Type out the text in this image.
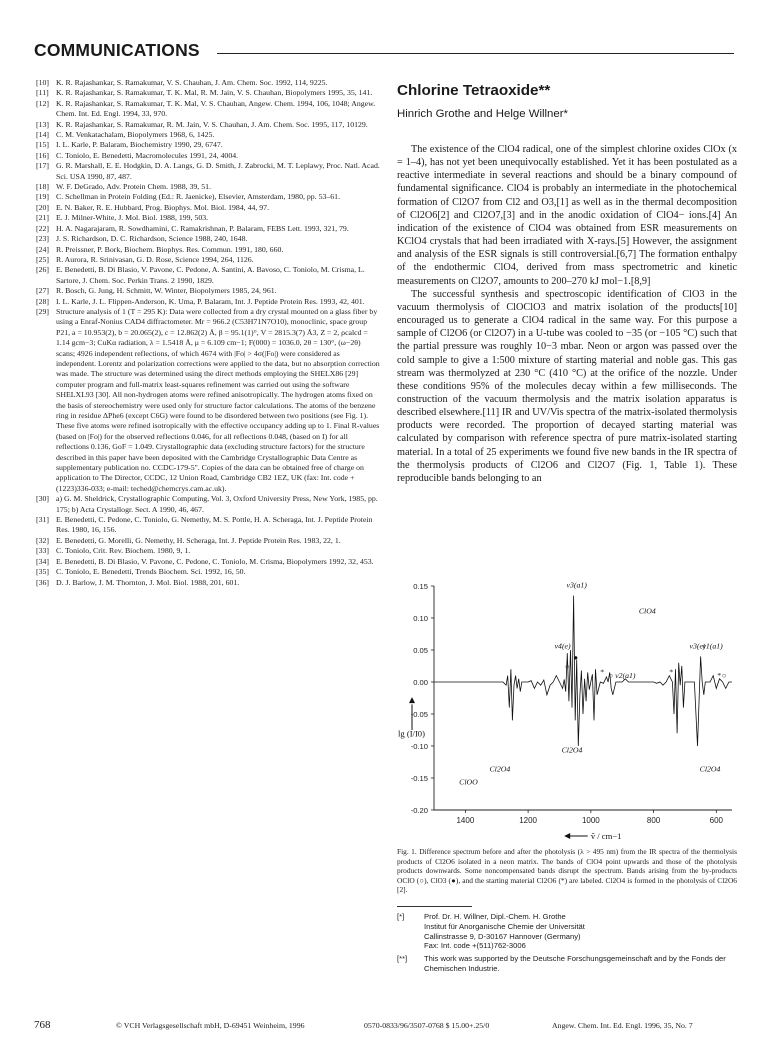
COMMUNICATIONS
[10] K. R. Rajashankar, S. Ramakumar, V. S. Chauhan, J. Am. Chem. Soc. 1992, 114, 9225.
[11] K. R. Rajashankar, S. Ramakumar, T. K. Mal, R. M. Jain, V. S. Chauhan, Biopolymers 1995, 35, 141.
[12] K. R. Rajashankar, S. Ramakumar, T. K. Mal, V. S. Chauhan, Angew. Chem. 1994, 106, 1048; Angew. Chem. Int. Ed. Engl. 1994, 33, 970.
[13] K. R. Rajashankar, S. Ramakumar, R. M. Jain, V. S. Chauhan, J. Am. Chem. Soc. 1995, 117, 10129.
[14] C. M. Venkatachalam, Biopolymers 1968, 6, 1425.
[15] I. L. Karle, P. Balaram, Biochemistry 1990, 29, 6747.
[16] C. Toniolo, E. Benedetti, Macromolecules 1991, 24, 4004.
[17] G. R. Marshall, E. E. Hodgkin, D. A. Langs, G. D. Smith, J. Zabrocki, M. T. Leplawy, Proc. Natl. Acad. Sci. USA 1990, 87, 487.
[18] W. F. DeGrado, Adv. Protein Chem. 1988, 39, 51.
[19] C. Schellman in Protein Folding (Ed.: R. Jaenicke), Elsevier, Amsterdam, 1980, pp. 53–61.
[20] E. N. Baker, R. E. Hubbard, Prog. Biophys. Mol. Biol. 1984, 44, 97.
[21] E. J. Milner-White, J. Mol. Biol. 1988, 199, 503.
[22] H. A. Nagarajaram, R. Sowdhamini, C. Ramakrishnan, P. Balaram, FEBS Lett. 1993, 321, 79.
[23] J. S. Richardson, D. C. Richardson, Science 1988, 240, 1648.
[24] R. Preissner, P. Bork, Biochem. Biophys. Res. Commun. 1991, 180, 660.
[25] R. Aurora, R. Srinivasan, G. D. Rose, Science 1994, 264, 1126.
[26] E. Benedetti, B. Di Blasio, V. Pavone, C. Pedone, A. Santini, A. Bavoso, C. Toniolo, M. Crisma, L. Sartore, J. Chem. Soc. Perkin Trans. 2 1990, 1829.
[27] R. Bosch, G. Jung, H. Schmitt, W. Winter, Biopolymers 1985, 24, 961.
[28] I. L. Karle, J. L. Flippen-Anderson, K. Uma, P. Balaram, Int. J. Peptide Protein Res. 1993, 42, 401.
[29] Structure analysis of 1 (T = 295 K): Data were collected from a dry crystal mounted on a glass fiber by using a Enraf-Nonius CAD4 diffractometer. Mr = 966.2 (C53H71N7O10), monoclinic, space group P21, a = 10.953(2), b = 20.065(2), c = 12.862(2) Å, β = 95.1(1)°, V = 2815.3(7) Å3, Z = 2, ρcalcd = 1.14 gcm−3; CuKα radiation, λ = 1.5418 Å, μ = 6.109 cm−1; F(000) = 1036.0, 2θ = 130°, (ω−2θ) scans; 4926 independent reflections, of which 4674 with |Fo| > 4σ(|Fo|) were considered as independent. Lorentz and polarization corrections were applied to the data, but no absorption correction was made. The structure was determined using the direct methods employing the SHELX86 [29] computer program and full-matrix least-squares refinement was carried out using the software SHELXL93 [30]. All non-hydrogen atoms were refined anisotropically. The hydrogen atoms fixed on the basis of stereochemistry were used only for structure factor calculations. The atoms of the benzene ring in residue ΔPhe6 (except C6G) were found to be disordered between two positions (see Fig. 1). These five atoms were refined isotropically with the effective occupancy adding up to 1. Final R-values (based on |Fo|) for the observed reflections 0.046, for all reflections 0.048, (based on I) for all reflections 0.136, GoF = 1.049. Crystallographic data (excluding structure factors) for the structure described in this paper have been deposited with the Cambridge Crystallographic Data Centre as supplementary publication no. CCDC-179-5". Copies of the data can be obtained free of charge on application to The Director, CCDC, 12 Union Road, Cambridge CB2 1EZ, UK (fax: Int. code +(1223)336-033; e-mail: teched@chemcrys.cam.ac.uk).
[30] a) G. M. Sheldrick, Crystallographic Computing, Vol. 3, Oxford University Press, New York, 1985, pp. 175; b) Acta Crystallogr. Sect. A 1990, 46, 467.
[31] E. Benedetti, C. Pedone, C. Toniolo, G. Nemethy, M. S. Pottle, H. A. Scheraga, Int. J. Peptide Protein Res. 1980, 16, 156.
[32] E. Benedetti, G. Morelli, G. Nemethy, H. Scheraga, Int. J. Peptide Protein Res. 1983, 22, 1.
[33] C. Toniolo, Crit. Rev. Biochem. 1980, 9, 1.
[34] E. Benedetti, B. Di Blasio, V. Pavone, C. Pedone, C. Toniolo, M. Crisma, Biopolymers 1992, 32, 453.
[35] C. Toniolo, E. Benedetti, Trends Biochem. Sci. 1992, 16, 50.
[36] D. J. Barlow, J. M. Thornton, J. Mol. Biol. 1988, 201, 601.
Chlorine Tetraoxide**
Hinrich Grothe and Helge Willner*

The existence of the ClO4 radical, one of the simplest chlorine oxides ClOx (x = 1–4), has not yet been unequivocally established. Yet it has been postulated as a reactive intermediate in several reactions and should be a binary compound of fundamental significance. ClO4 is probably an intermediate in the photochemical formation of Cl2O7 from Cl2 and O3,[1] as well as in the thermal decomposition of Cl2O6[2] and Cl2O7,[3] and in the anodic oxidation of ClO4− ions.[4] An indication of the existence of ClO4 was obtained from ESR measurements on KClO4 crystals that had been irradiated with X-rays.[5] However, the assignment and analysis of the ESR signals is still controversial.[6,7] The formation enthalpy of the endothermic ClO4, derived from mass spectrometric and kinetic measurements on Cl2O7, amounts to 200–270 kJ mol−1.[8,9]

The successful synthesis and spectroscopic identification of ClO3 in the vacuum thermolysis of ClOClO3 and matrix isolation of the products[10] encouraged us to generate a ClO4 radical in the same way. For this purpose a sample of Cl2O6 (or Cl2O7) in a U-tube was cooled to −35 (or −105 °C) such that the partial pressure was roughly 10−3 mbar. Neon or argon was passed over the cold sample to give a 1:500 mixture of starting material and noble gas. This gas stream was thermolyzed at 230 °C (410 °C) at the orifice of the nozzle. Under these conditions 95% of the molecules decay within a few milliseconds. The construction of the vacuum thermolysis and the matrix isolation apparatus is described elsewhere.[11] IR and UV/Vis spectra of the matrix-isolated thermolysis products were recorded. The proportion of decayed starting material was calculated by comparison with reference spectra of pure matrix-isolated starting material. In a total of 25 experiments we found five new bands in the IR spectra of the thermolysis products of Cl2O6 and Cl2O7 (Fig. 1, Table 1). These reproducible bands belonging to an

0.15
0.10
0.05
0.00
-0.05
-0.10
-0.15
-0.20
1400	1200	1000	800	600
ν3(a1)
ClO4
ν4(e)	ν3(e)
ν1(a1)
●
○
* ○ ν2(a1)	*	* ○
Cl2O4
Cl2O4
Cl2O4
ClOO
lg (I/I0)
ṽ / cm−1
Fig. 1. Difference spectrum before and after the photolysis (λ > 495 nm) from the IR spectra of the thermolysis products of Cl2O6 isolated in a neon matrix. The bands of ClO4 point upwards and those of the photolysis products downwards. Some noncompensated bands disrupt the spectrum. Bands arising from the by-products OClO (○), ClO3 (●), and the starting material Cl2O6 (*) are labeled. Cl2O4 is formed in the photolysis of Cl2O6 [2].
[*]	Prof. Dr. H. Willner, Dipl.-Chem. H. Grothe
Institut für Anorganische Chemie der Universität
Callinstrasse 9, D-30167 Hannover (Germany)
Fax: Int. code +(511)762-3006
[**] This work was supported by the Deutsche Forschungsgemeinschaft and by the Fonds der Chemischen Industrie.
768	© VCH Verlagsgesellschaft mbH, D-69451 Weinheim, 1996	0570-0833/96/3507-0768 $ 15.00+.25/0	Angew. Chem. Int. Ed. Engl. 1996, 35, No. 7
